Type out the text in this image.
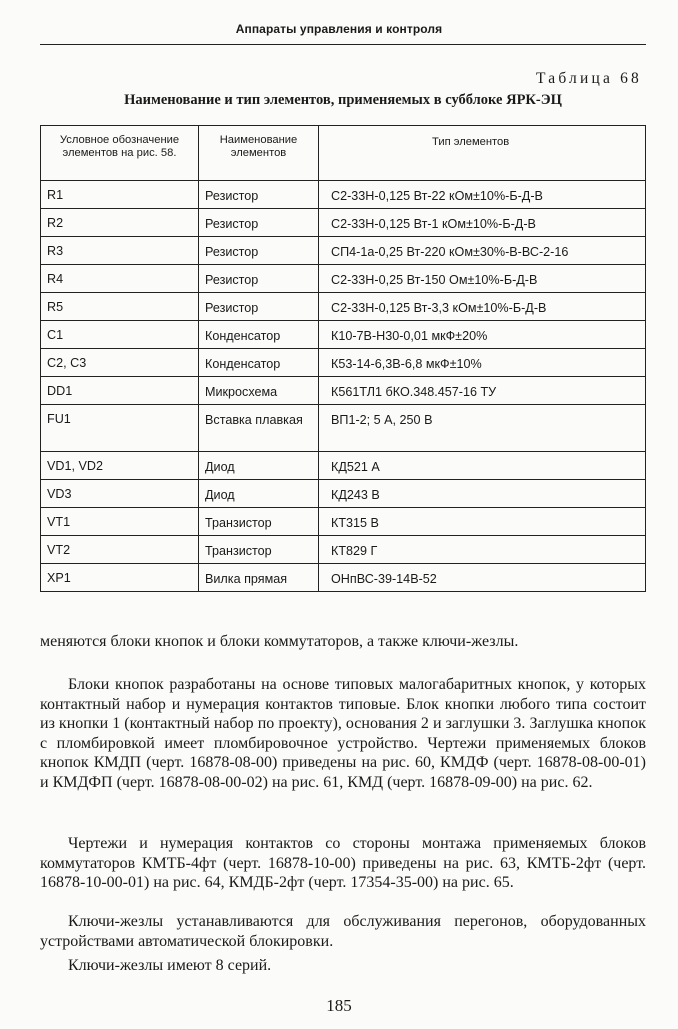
Аппараты управления и контроля
Таблица 68
Наименование и тип элементов, применяемых в субблоке ЯРК-ЭЦ
Условное обозначение элементов на рис. 58.	Наименование элементов	Тип элементов
R1	Резистор	С2-33Н-0,125 Вт-22 кОм±10%-Б-Д-В
R2	Резистор	С2-33Н-0,125 Вт-1 кОм±10%-Б-Д-В
R3	Резистор	СП4-1а-0,25 Вт-220 кОм±30%-В-ВС-2-16
R4	Резистор	С2-33Н-0,25 Вт-150 Ом±10%-Б-Д-В
R5	Резистор	С2-33Н-0,125 Вт-3,3 кОм±10%-Б-Д-В
C1	Конденсатор	К10-7В-Н30-0,01 мкФ±20%
C2, C3	Конденсатор	К53-14-6,3В-6,8 мкФ±10%
DD1	Микросхема	К561ТЛ1 бКО.348.457-16 ТУ
FU1	Вставка плавкая	ВП1-2; 5 А, 250 В
VD1, VD2	Диод	КД521 А
VD3	Диод	КД243 В
VT1	Транзистор	КТ315 В
VT2	Транзистор	КТ829 Г
XP1	Вилка прямая	ОНпВС-39-14В-52

меняются блоки кнопок и блоки коммутаторов, а также ключи-жезлы.

Блоки кнопок разработаны на основе типовых малогабаритных кнопок, у которых контактный набор и нумерация контактов типовые. Блок кнопки любого типа состоит из кнопки 1 (контактный набор по проекту), основания 2 и заглушки 3. Заглушка кнопок с пломбировкой имеет пломбировочное устройство. Чертежи применяемых блоков кнопок КМДП (черт. 16878-08-00) приведены на рис. 60, КМДФ (черт. 16878-08-00-01) и КМДФП (черт. 16878-08-00-02) на рис. 61, КМД (черт. 16878-09-00) на рис. 62.

Чертежи и нумерация контактов со стороны монтажа применяемых блоков коммутаторов КМТБ-4фт (черт. 16878-10-00) приведены на рис. 63, КМТБ-2фт (черт. 16878-10-00-01) на рис. 64, КМДБ-2фт (черт. 17354-35-00) на рис. 65.

Ключи-жезлы устанавливаются для обслуживания перегонов, оборудованных устройствами автоматической блокировки.

Ключи-жезлы имеют 8 серий.

185
